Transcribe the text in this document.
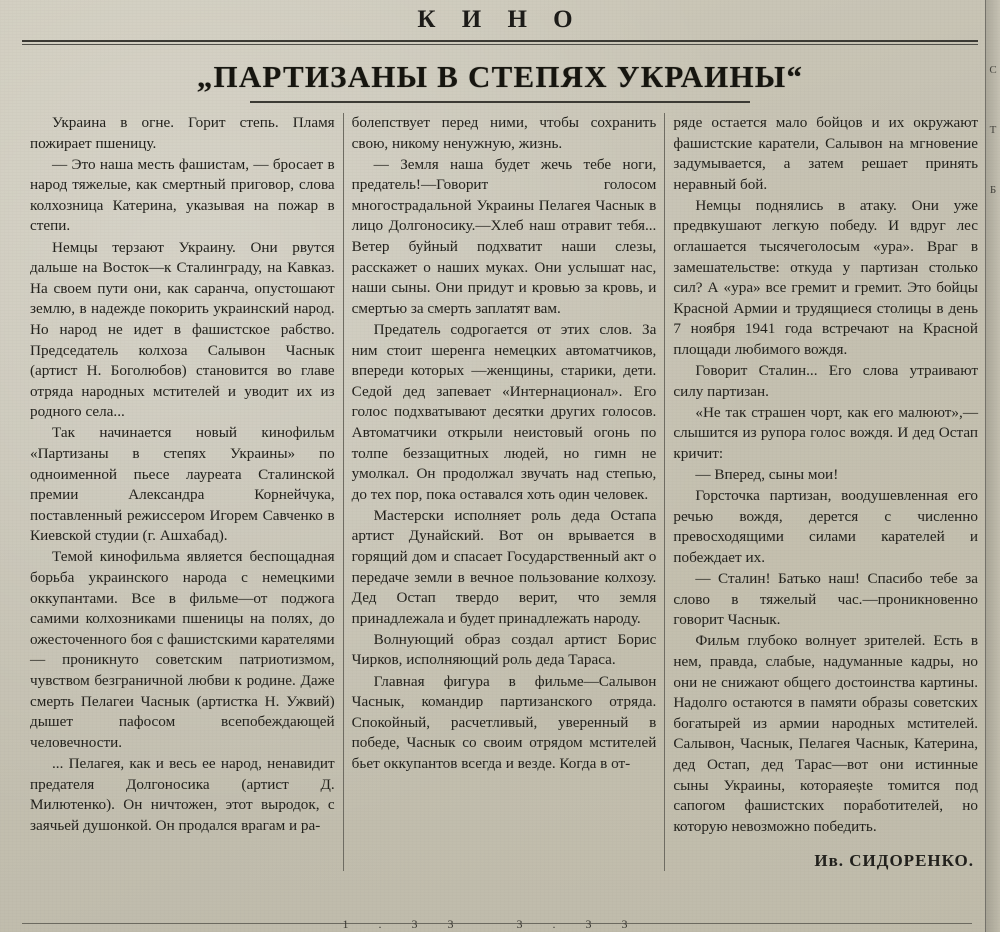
К И Н О
„ПАРТИЗАНЫ В СТЕПЯХ УКРАИНЫ“

Украина в огне. Горит степь. Пламя пожирает пшеницу.

— Это наша месть фашистам, — бросает в народ тяжелые, как смертный приговор, слова колхозница Катерина, указывая на пожар в степи.

Немцы терзают Украину. Они рвутся дальше на Восток—к Сталинграду, на Кавказ. На своем пути они, как саранча, опустошают землю, в надежде покорить украинский народ. Но народ не идет в фашистское рабство. Председатель колхоза Салывон Часнык (артист Н. Боголюбов) становится во главе отряда народных мстителей и уводит их из родного села...

Так начинается новый кинофильм «Партизаны в степях Украины» по одноименной пьесе лауреата Сталинской премии Александра Корнейчука, поставленный режиссером Игорем Савченко в Киевской студии (г. Ашхабад).

Темой кинофильма является беспощадная борьба украинского народа с немецкими оккупантами. Все в фильме—от поджога самими колхозниками пшеницы на полях, до ожесточенного боя с фашистскими карателями — проникнуто советским патриотизмом, чувством безграничной любви к родине. Даже смерть Пелагеи Часнык (артистка Н. Ужвий) дышет пафосом всепобеждающей человечности.

... Пелагея, как и весь ее народ, ненавидит предателя Долгоносика (артист Д. Милютенко). Он ничтожен, этот выродок, с заячьей душонкой. Он продался врагам и ра-

болепствует перед ними, чтобы сохранить свою, никому ненужную, жизнь.

— Земля наша будет жечь тебе ноги, предатель!—Говорит голосом многострадальной Украины Пелагея Часнык в лицо Долгоносику.—Хлеб наш отравит тебя... Ветер буйный подхватит наши слезы, расскажет о наших муках. Они услышат нас, наши сыны. Они придут и кровью за кровь, и смертью за смерть заплатят вам.

Предатель содрогается от этих слов. За ним стоит шеренга немецких автоматчиков, впереди которых —женщины, старики, дети. Седой дед запевает «Интернационал». Его голос подхватывают десятки других голосов. Автоматчики открыли неистовый огонь по толпе беззащитных людей, но гимн не умолкал. Он продолжал звучать над степью, до тех пор, пока оставался хоть один человек.

Мастерски исполняет роль деда Остапа артист Дунайский. Вот он врывается в горящий дом и спасает Государственный акт о передаче земли в вечное пользование колхозу. Дед Остап твердо верит, что земля принадлежала и будет принадлежать народу.

Волнующий образ создал артист Борис Чирков, исполняющий роль деда Тараса.

Главная фигура в фильме—Салывон Часнык, командир партизанского отряда. Спокойный, расчетливый, уверенный в победе, Часнык со своим отрядом мстителей бьет оккупантов всегда и везде. Когда в от-

ряде остается мало бойцов и их окружают фашистские каратели, Салывон на мгновение задумывается, а затем решает принять неравный бой.

Немцы поднялись в атаку. Они уже предвкушают легкую победу. И вдруг лес оглашается тысячеголосым «ура». Враг в замешательстве: откуда у партизан столько сил? А «ура» все гремит и гремит. Это бойцы Красной Армии и трудящиеся столицы в день 7 ноября 1941 года встречают на Красной площади любимого вождя.

Говорит Сталин... Его слова утраивают силу партизан.

«Не так страшен чорт, как его малюют»,—слышится из рупора голос вождя. И дед Остап кричит:

— Вперед, сыны мои!

Горсточка партизан, воодушевленная его речью вождя, дерется с численно превосходящими силами карателей и побеждает их.

— Сталин! Батько наш! Спасибо тебе за слово в тяжелый час.—проникновенно говорит Часнык.

Фильм глубоко волнует зрителей. Есть в нем, правда, слабые, надуманные кадры, но они не снижают общего достоинства картины. Надолго остаются в памяти образы советских богатырей из армии народных мстителей. Салывон, Часнык, Пелагея Часнык, Катерина, дед Остап, дед Тарас—вот они истинные сыны Украины, котораяește томится под сапогом фашистских поработителей, но которую невозможно победить.

Ив. СИДОРЕНКО.
С Т Б
1.33 3.33
